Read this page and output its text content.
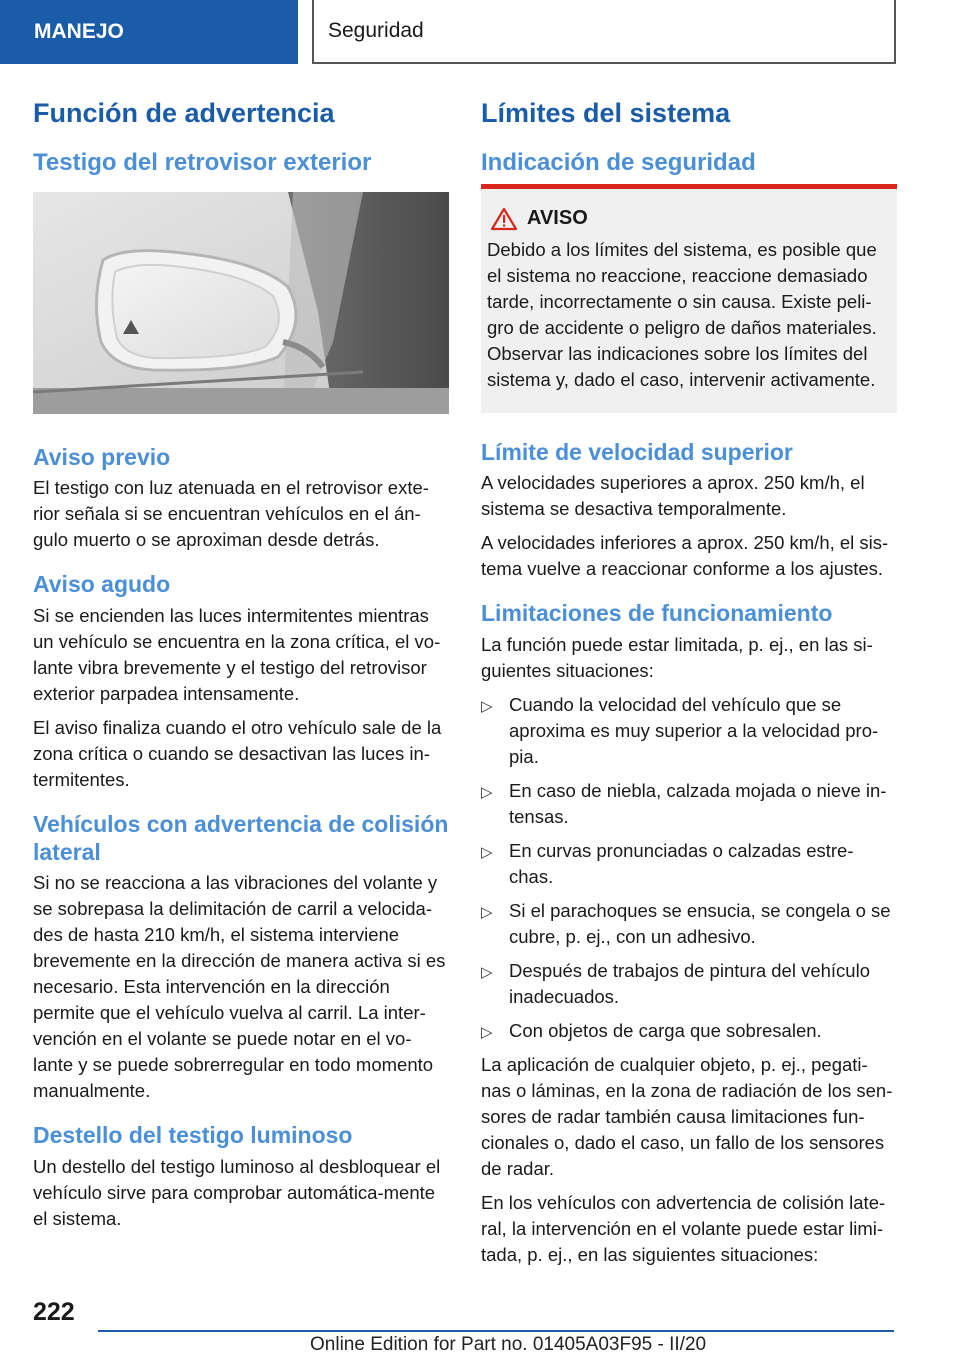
MANEJO	Seguridad
Función de advertencia
Testigo del retrovisor exterior
Aviso previo

El testigo con luz atenuada en el retrovisor exte-rior señala si se encuentran vehículos en el án-gulo muerto o se aproximan desde detrás.

Aviso agudo

Si se encienden las luces intermitentes mientras un vehículo se encuentra en la zona crítica, el vo-lante vibra brevemente y el testigo del retrovisor exterior parpadea intensamente.

El aviso finaliza cuando el otro vehículo sale de la zona crítica o cuando se desactivan las luces in-termitentes.

Vehículos con advertencia de colisión lateral

Si no se reacciona a las vibraciones del volante y se sobrepasa la delimitación de carril a velocida-des de hasta 210 km/h, el sistema interviene brevemente en la dirección de manera activa si es necesario. Esta intervención en la dirección permite que el vehículo vuelva al carril. La inter-vención en el volante se puede notar en el vo-lante y se puede sobrerregular en todo momento manualmente.

Destello del testigo luminoso

Un destello del testigo luminoso al desbloquear el vehículo sirve para comprobar automática-mente el sistema.

Límites del sistema
Indicación de seguridad
AVISO

Debido a los límites del sistema, es posible que el sistema no reaccione, reaccione demasiado tarde, incorrectamente o sin causa. Existe peli-gro de accidente o peligro de daños materiales. Observar las indicaciones sobre los límites del sistema y, dado el caso, intervenir activamente.

Límite de velocidad superior

A velocidades superiores a aprox. 250 km/h, el sistema se desactiva temporalmente.

A velocidades inferiores a aprox. 250 km/h, el sis-tema vuelve a reaccionar conforme a los ajustes.

Limitaciones de funcionamiento

La función puede estar limitada, p. ej., en las si-guientes situaciones:

▷ Cuando la velocidad del vehículo que se aproxima es muy superior a la velocidad pro-pia.
▷ En caso de niebla, calzada mojada o nieve in-tensas.
▷ En curvas pronunciadas o calzadas estre-chas.
▷ Si el parachoques se ensucia, se congela o se cubre, p. ej., con un adhesivo.
▷ Después de trabajos de pintura del vehículo inadecuados.
▷ Con objetos de carga que sobresalen.

La aplicación de cualquier objeto, p. ej., pegati-nas o láminas, en la zona de radiación de los sen-sores de radar también causa limitaciones fun-cionales o, dado el caso, un fallo de los sensores de radar.

En los vehículos con advertencia de colisión late-ral, la intervención en el volante puede estar limi-tada, p. ej., en las siguientes situaciones:

222
Online Edition for Part no. 01405A03F95 - II/20
